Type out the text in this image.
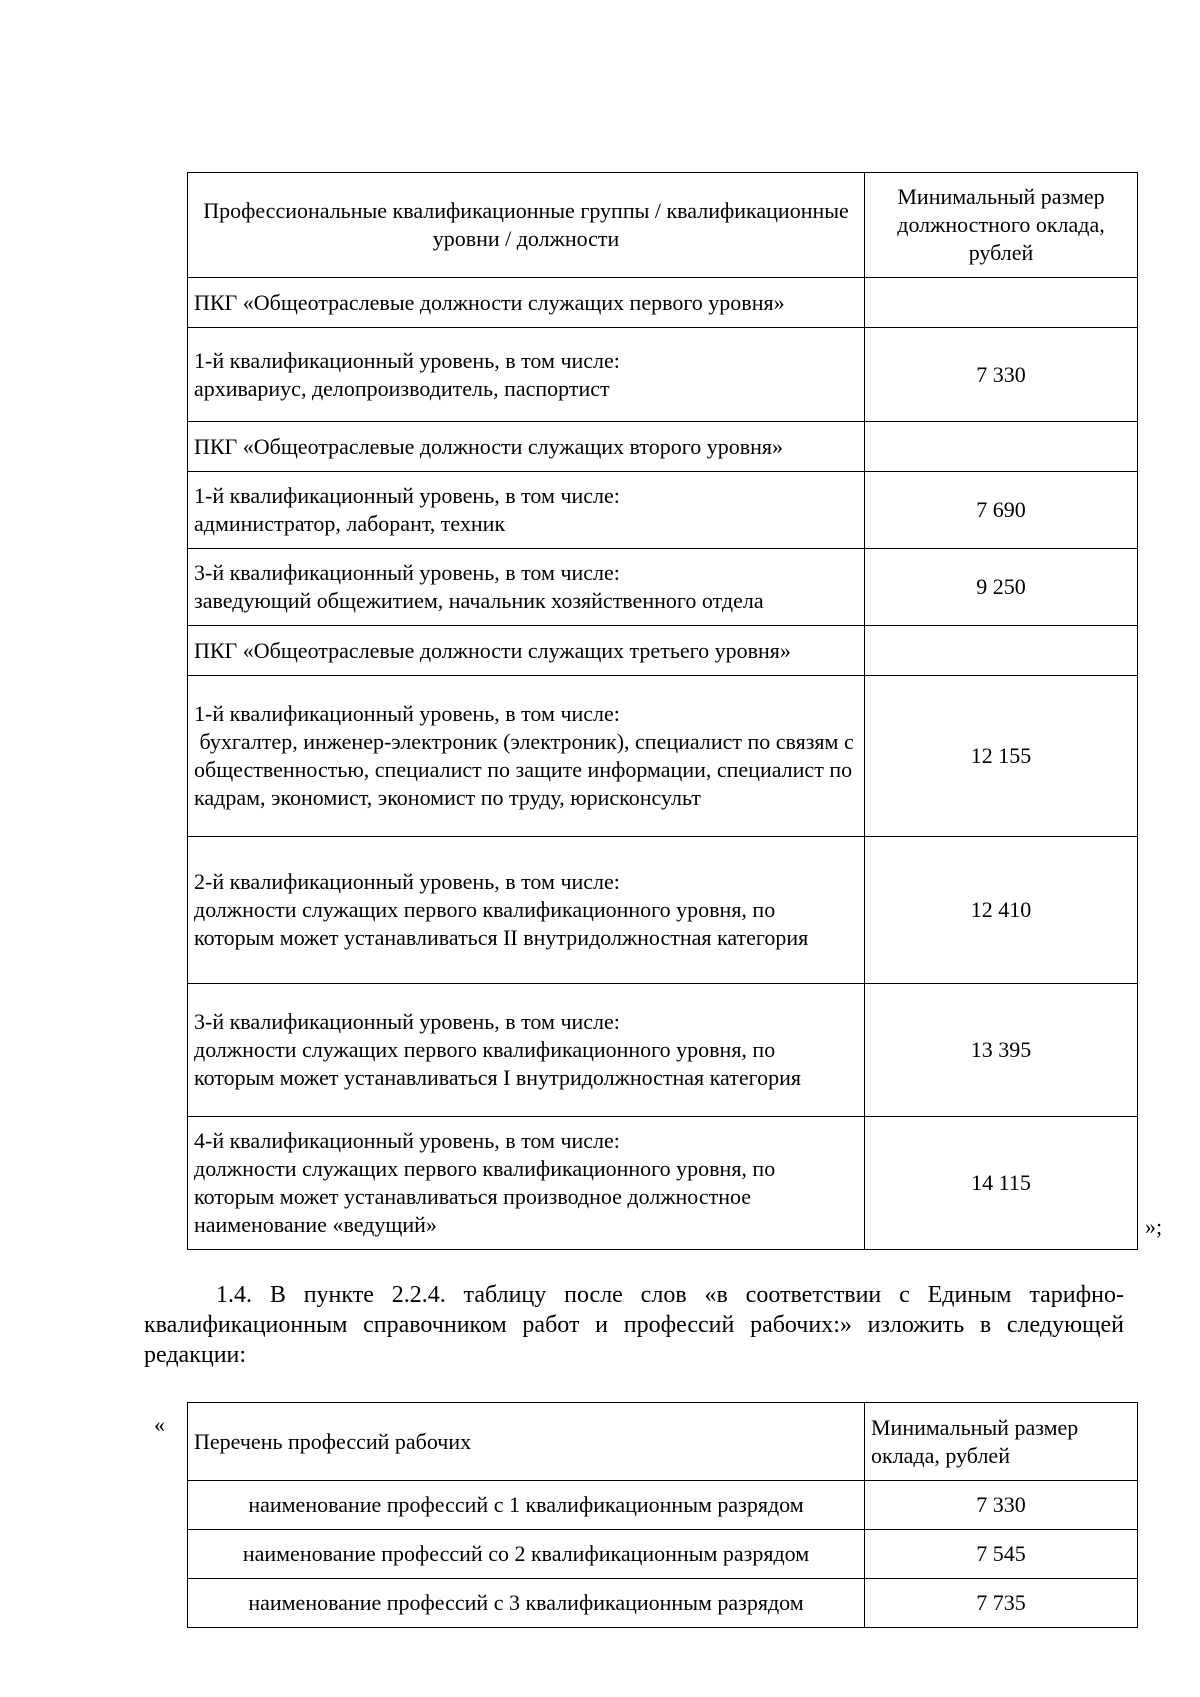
Профессиональные квалификационные группы / квалификационные уровни / должности	Минимальный размер должностного оклада, рублей
ПКГ «Общеотраслевые должности служащих первого уровня»	

1-й квалификационный уровень, в том числе:
архивариус, делопроизводитель, паспортист	7 330
ПКГ «Общеотраслевые должности служащих второго уровня»	

1-й квалификационный уровень, в том числе:
администратор, лаборант, техник	7 690

3-й квалификационный уровень, в том числе:
заведующий общежитием, начальник хозяйственного отдела	9 250
ПКГ «Общеотраслевые должности служащих третьего уровня»	

1-й квалификационный уровень, в том числе:
бухгалтер, инженер-электроник (электроник), специалист по связям с общественностью, специалист по защите информации, специалист по кадрам, экономист, экономист по труду, юрисконсульт	12 155

2-й квалификационный уровень, в том числе:
должности служащих первого квалификационного уровня, по которым может устанавливаться II внутридолжностная категория	12 410

3-й квалификационный уровень, в том числе:
должности служащих первого квалификационного уровня, по которым может устанавливаться I внутридолжностная категория	13 395

4-й квалификационный уровень, в том числе:
должности служащих первого квалификационного уровня, по которым может устанавливаться производное должностное наименование «ведущий»	14 115
»;

1.4. В пункте 2.2.4. таблицу после слов «в соответствии с Единым тарифно-квалификационным справочником работ и профессий рабочих:» изложить в следующей редакции:

«
Перечень профессий рабочих	Минимальный размер оклада, рублей
наименование профессий с 1 квалификационным разрядом	7 330
наименование профессий со 2 квалификационным разрядом	7 545
наименование профессий с 3 квалификационным разрядом	7 735
